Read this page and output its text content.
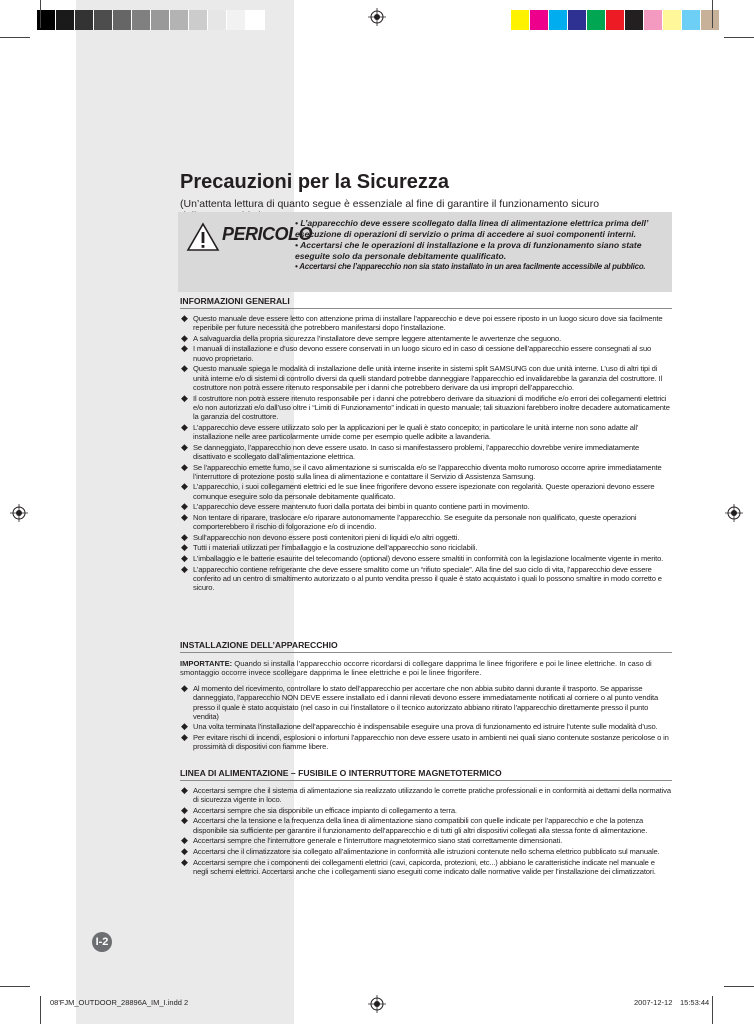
Precauzioni per la Sicurezza
(Un’attenta lettura di quanto segue è essenziale al fine di garantire il funzionamento sicuro
PERICOLO
• L’apparecchio deve essere scollegato dalla linea di alimentazione elettrica prima dell’ esecuzione di operazioni di servizio o prima di accedere ai suoi componenti interni.
• Accertarsi che le operazioni di installazione e la prova di funzionamento siano state eseguite solo da personale debitamente qualificato.
• Accertarsi che l’apparecchio non sia stato installato in un area facilmente accessibile al pubblico.
INFORMAZIONI GENERALI
◆ Questo manuale deve essere letto con attenzione prima di installare l’apparecchio e deve poi essere riposto in un luogo sicuro dove sia facilmente reperibile per future necessità che potrebbero manifestarsi dopo l’installazione.
◆ A salvaguardia della propria sicurezza l’installatore deve sempre leggere attentamente le avvertenze che seguono.
◆ I manuali di installazione e d’uso devono essere conservati in un luogo sicuro ed in caso di cessione dell’apparecchio essere consegnati al suo nuovo proprietario.
◆ Questo manuale spiega le modalità di installazione delle unità interne inserite in sistemi split SAMSUNG con due unità interne. L’uso di altri tipi di unità interne e/o di sistemi di controllo diversi da quelli standard potrebbe danneggiare l’apparecchio ed invalidarebbe la garanzia del costruttore. Il costruttore non potrà essere ritenuto responsabile per i danni che potrebbero derivare da usi impropri dell’apparecchio.
◆ Il costruttore non potrà essere ritenuto responsabile per i danni che potrebbero derivare da situazioni di modifiche e/o errori dei collegamenti elettrici e/o non autorizzati e/o dall’uso oltre i “Limiti di Funzionamento” indicati in questo manuale; tali situazioni farebbero inoltre decadere automaticamente la garanzia del costruttore.
◆ L’apparecchio deve essere utilizzato solo per la applicazioni per le quali è stato concepito; in particolare le unità interne non sono adatte all’ installazione nelle aree particolarmente umide come per esempio quelle adibite a lavanderia.
◆ Se danneggiato, l’apparecchio non deve essere usato. In caso si manifestassero problemi, l’apparecchio dovrebbe venire immediatamente disattivato e scollegato dall’alimentazione elettrica.
◆ Se l’apparecchio emette fumo, se il cavo alimentazione si surriscalda e/o se l’apparecchio diventa molto rumoroso occorre aprire immediatamente l’interruttore di protezione posto sulla linea di alimentazione e contattare il Servizio di Assistenza Samsung.
◆ L’apparecchio, i suoi collegamenti elettrici ed le sue linee frigorifere devono essere ispezionate con regolarità. Queste operazioni devono essere comunque eseguire solo da personale debitamente qualificato.
◆ L’apparecchio deve essere mantenuto fuori dalla portata dei bimbi in quanto contiene parti in movimento.
◆ Non tentare di riparare, traslocare e/o riparare autonomamente l’apparecchio. Se eseguite da personale non qualificato, queste operazioni comporterebbero il rischio di folgorazione e/o di incendio.
◆ Sull’apparecchio non devono essere posti contenitori pieni di liquidi e/o altri oggetti.
◆ Tutti i materiali utilizzati per l’imballaggio e la costruzione dell’apparecchio sono riciclabili.
◆ L’imballaggio e le batterie esaurite del telecomando (optional) devono essere smaltiti in conformità con la legislazione localmente vigente in merito.
◆ L’apparecchio contiene refrigerante che deve essere smaltito come un “rifiuto speciale”. Alla fine del suo ciclo di vita, l’apparecchio deve essere conferito ad un centro di smaltimento autorizzato o al punto vendita presso il quale è stato acquistato i quali lo possono smaltire in modo corretto e sicuro.
INSTALLAZIONE DELL’APPARECCHIO
IMPORTANTE: Quando si installa l’apparecchio occorre ricordarsi di collegare dapprima le linee frigorifere e poi le linee elettriche. In caso di smontaggio occorre invece scollegare dapprima le linee elettriche e poi le linee frigorifere.
◆ Al momento del ricevimento, controllare lo stato dell’apparecchio per accertare che non abbia subito danni durante il trasporto. Se apparisse danneggiato, l’apparecchio NON DEVE essere installato ed i danni rilevati devono essere immediatamente notificati al corriere o al punto vendita presso il quale è stato acquistato (nel caso in cui l’installatore o il tecnico autorizzato abbiano ritirato l’apparecchio direttamente presso il punto vendita)
◆ Una volta terminata l’installazione dell’apparecchio è indispensabile eseguire una prova di funzionamento ed istruire l’utente sulle modalità d’uso.
◆ Per evitare rischi di incendi, esplosioni o infortuni l’apparecchio non deve essere usato in ambienti nei quali siano contenute sostanze pericolose o in prossimità di dispositivi con fiamme libere.
LINEA DI ALIMENTAZIONE – FUSIBILE O INTERRUTTORE MAGNETOTERMICO
◆ Accertarsi sempre che il sistema di alimentazione sia realizzato utilizzando le corrette pratiche professionali e in conformità ai dettami della normativa di sicurezza vigente in loco.
◆ Accertarsi sempre che sia disponibile un efficace impianto di collegamento a terra.
◆ Accertarsi che la tensione e la frequenza della linea di alimentazione siano compatibili con quelle indicate per l’apparecchio e che la potenza disponibile sia sufficiente per garantire il funzionamento dell’apparecchio e di tutti gli altri dispositivi collegati alla stessa fonte di alimentazione.
◆ Accertarsi sempre che l’interruttore generale e l’interruttore magnetotermico siano stati correttamente dimensionati.
◆ Accertarsi che il climatizzatore sia collegato all’alimentazione in conformità alle istruzioni contenute nello schema elettrico pubblicato sul manuale.
◆ Accertarsi sempre che i componenti dei collegamenti elettrici (cavi, capicorda, protezioni, etc...) abbiano le caratteristiche indicate nel manuale e negli schemi elettrici. Accertarsi anche che i collegamenti siano eseguiti come indicato dalle normative valide per l’installazione dei climatizzatori.
I-2
08'FJM_OUTDOOR_28896A_IM_I.indd 2	2007-12-12 15:53:44
